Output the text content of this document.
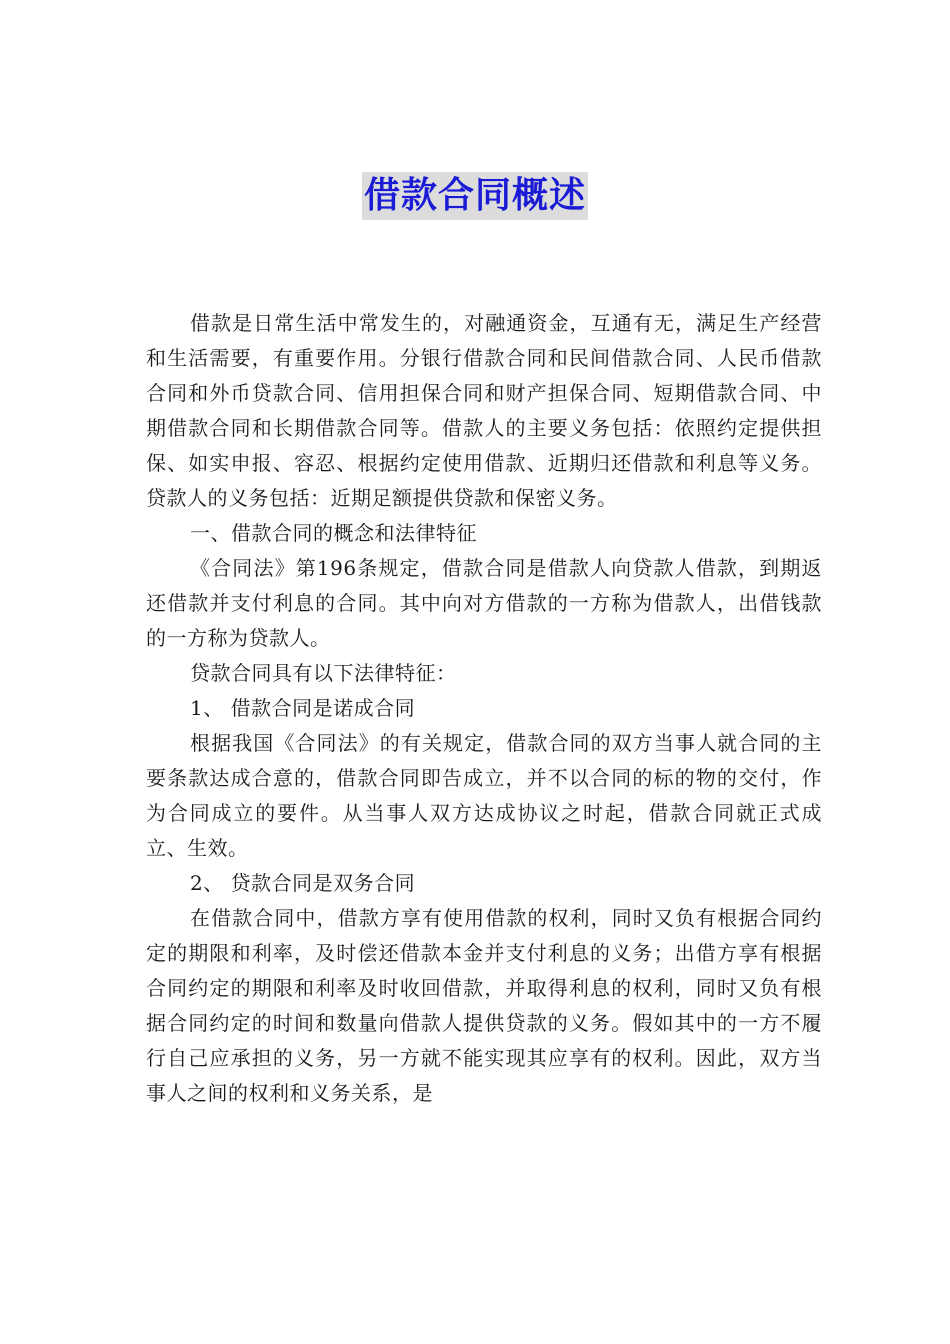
借款合同概述

借款是日常生活中常发生的，对融通资金，互通有无，满足生产经营和生活需要，有重要作用。分银行借款合同和民间借款合同、人民币借款合同和外币贷款合同、信用担保合同和财产担保合同、短期借款合同、中期借款合同和长期借款合同等。借款人的主要义务包括：依照约定提供担保、如实申报、容忍、根据约定使用借款、近期归还借款和利息等义务。贷款人的义务包括：近期足额提供贷款和保密义务。

一、借款合同的概念和法律特征

《合同法》第196条规定，借款合同是借款人向贷款人借款，到期返还借款并支付利息的合同。其中向对方借款的一方称为借款人，出借钱款的一方称为贷款人。

贷款合同具有以下法律特征：

1、 借款合同是诺成合同

根据我国《合同法》的有关规定，借款合同的双方当事人就合同的主要条款达成合意的，借款合同即告成立，并不以合同的标的物的交付，作为合同成立的要件。从当事人双方达成协议之时起，借款合同就正式成立、生效。

2、 贷款合同是双务合同

在借款合同中，借款方享有使用借款的权利，同时又负有根据合同约定的期限和利率，及时偿还借款本金并支付利息的义务；出借方享有根据合同约定的期限和利率及时收回借款，并取得利息的权利，同时又负有根据合同约定的时间和数量向借款人提供贷款的义务。假如其中的一方不履行自己应承担的义务，另一方就不能实现其应享有的权利。因此，双方当事人之间的权利和义务关系，是
